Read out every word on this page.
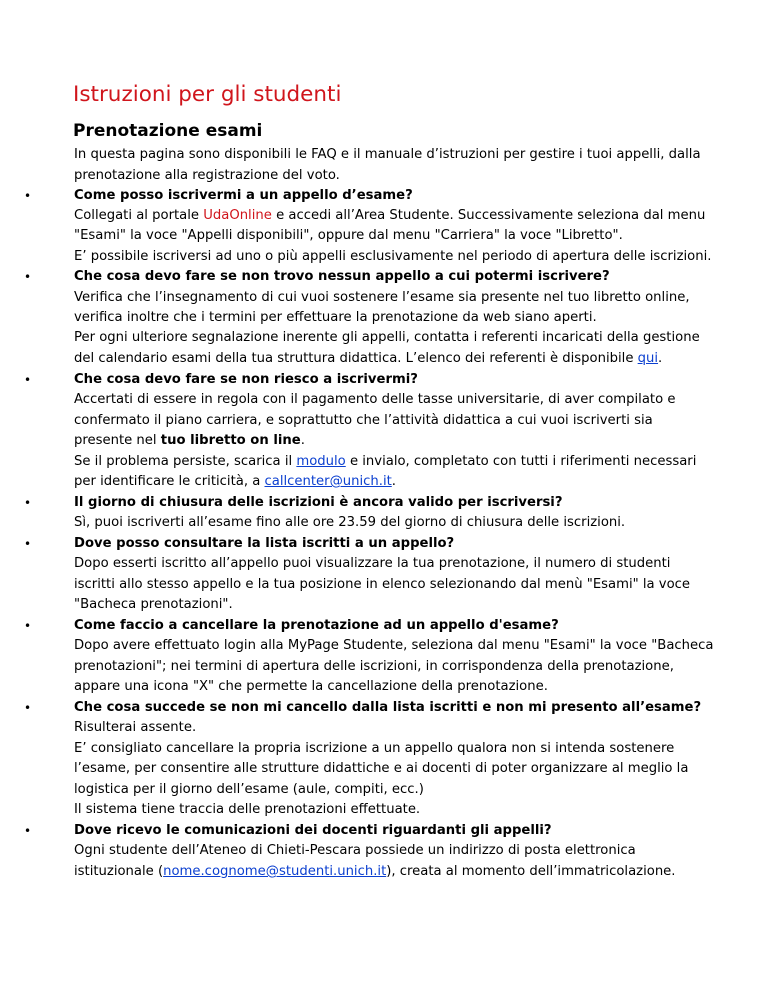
Istruzioni per gli studenti
Prenotazione esami
In questa pagina sono disponibili le FAQ e il manuale d’istruzioni per gestire i tuoi appelli, dalla
prenotazione alla registrazione del voto.
•	Come posso iscrivermi a un appello d’esame?
Collegati al portale UdaOnline e accedi all’Area Studente. Successivamente seleziona dal menu
"Esami" la voce "Appelli disponibili", oppure dal menu "Carriera" la voce "Libretto".
E’ possibile iscriversi ad uno o più appelli esclusivamente nel periodo di apertura delle iscrizioni.
•	Che cosa devo fare se non trovo nessun appello a cui potermi iscrivere?
Verifica che l’insegnamento di cui vuoi sostenere l’esame sia presente nel tuo libretto online,
verifica inoltre che i termini per effettuare la prenotazione da web siano aperti.
Per ogni ulteriore segnalazione inerente gli appelli, contatta i referenti incaricati della gestione
del calendario esami della tua struttura didattica. L’elenco dei referenti è disponibile qui.
•	Che cosa devo fare se non riesco a iscrivermi?
Accertati di essere in regola con il pagamento delle tasse universitarie, di aver compilato e
confermato il piano carriera, e soprattutto che l’attività didattica a cui vuoi iscriverti sia
presente nel tuo libretto on line.
Se il problema persiste, scarica il modulo e invialo, completato con tutti i riferimenti necessari
per identificare le criticità, a callcenter@unich.it.
•	Il giorno di chiusura delle iscrizioni è ancora valido per iscriversi?
Sì, puoi iscriverti all’esame fino alle ore 23.59 del giorno di chiusura delle iscrizioni.
•	Dove posso consultare la lista iscritti a un appello?
Dopo esserti iscritto all’appello puoi visualizzare la tua prenotazione, il numero di studenti
iscritti allo stesso appello e la tua posizione in elenco selezionando dal menù "Esami" la voce
"Bacheca prenotazioni".
•	Come faccio a cancellare la prenotazione ad un appello d'esame?
Dopo avere effettuato login alla MyPage Studente, seleziona dal menu "Esami" la voce "Bacheca
prenotazioni"; nei termini di apertura delle iscrizioni, in corrispondenza della prenotazione,
appare una icona "X" che permette la cancellazione della prenotazione.
•	Che cosa succede se non mi cancello dalla lista iscritti e non mi presento all’esame?
Risulterai assente.
E’ consigliato cancellare la propria iscrizione a un appello qualora non si intenda sostenere
l’esame, per consentire alle strutture didattiche e ai docenti di poter organizzare al meglio la
logistica per il giorno dell’esame (aule, compiti, ecc.)
Il sistema tiene traccia delle prenotazioni effettuate.
•	Dove ricevo le comunicazioni dei docenti riguardanti gli appelli?
Ogni studente dell’Ateneo di Chieti-Pescara possiede un indirizzo di posta elettronica
istituzionale (nome.cognome@studenti.unich.it), creata al momento dell’immatricolazione.
